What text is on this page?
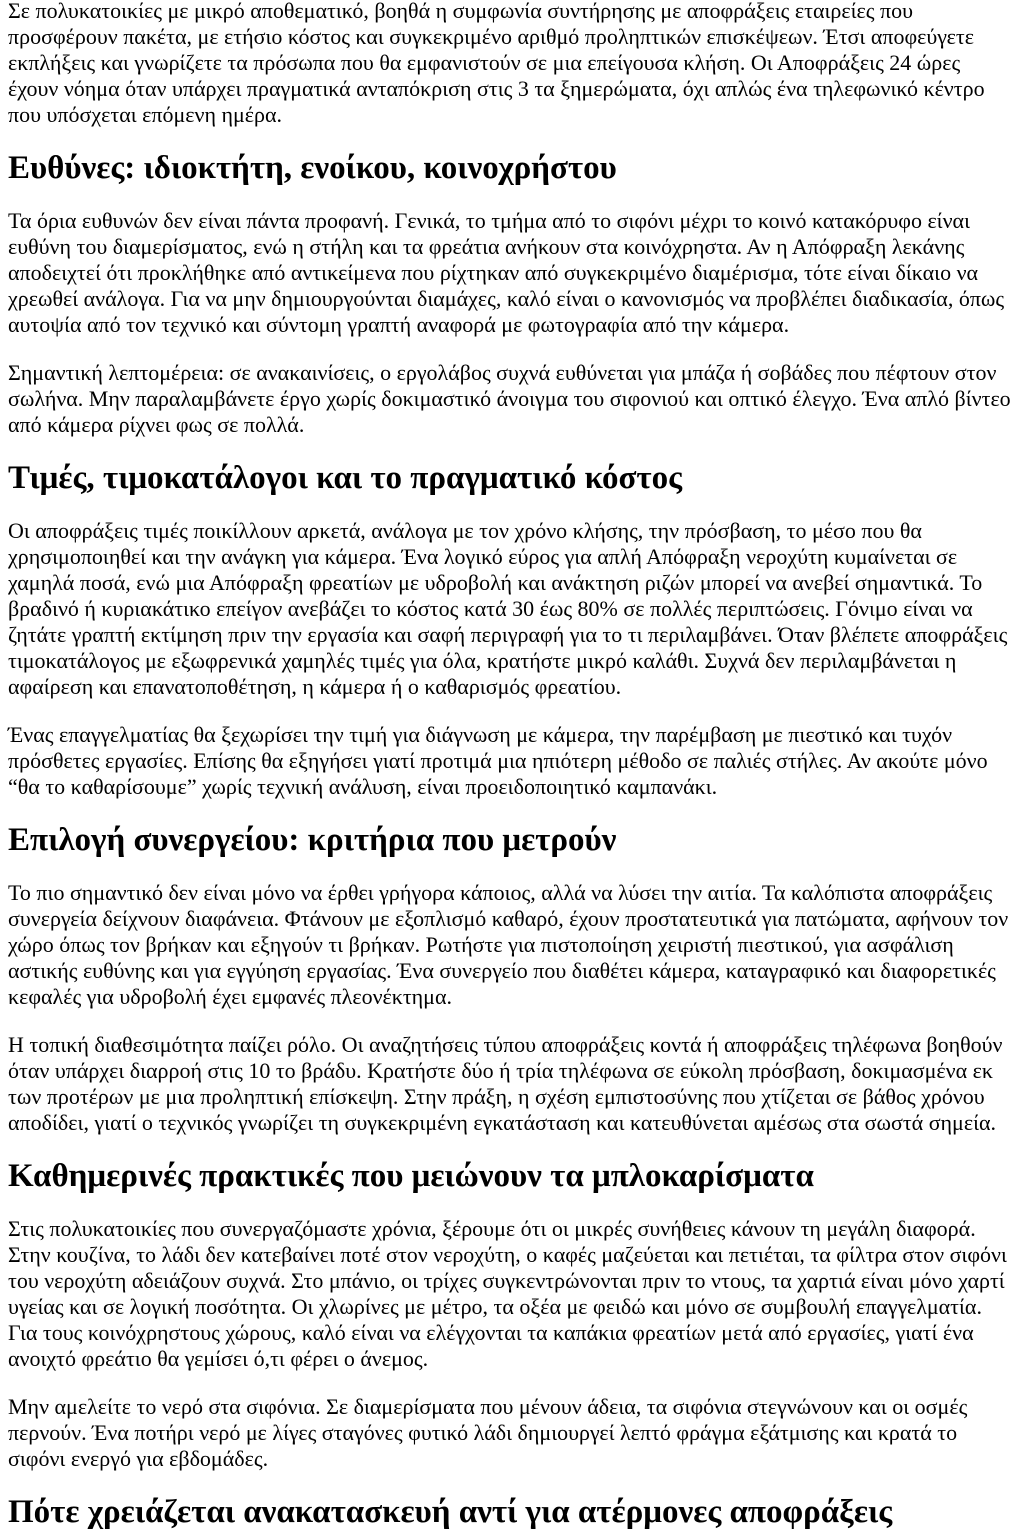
Σε πολυκατοικίες με μικρό αποθεματικό, βοηθά η συμφωνία συντήρησης με αποφράξεις εταιρείες που προσφέρουν πακέτα, με ετήσιο κόστος και συγκεκριμένο αριθμό προληπτικών επισκέψεων. Έτσι αποφεύγετε εκπλήξεις και γνωρίζετε τα πρόσωπα που θα εμφανιστούν σε μια επείγουσα κλήση. Οι Αποφράξεις 24 ώρες έχουν νόημα όταν υπάρχει πραγματικά ανταπόκριση στις 3 τα ξημερώματα, όχι απλώς ένα τηλεφωνικό κέντρο που υπόσχεται επόμενη ημέρα.

Ευθύνες: ιδιοκτήτη, ενοίκου, κοινοχρήστου

Τα όρια ευθυνών δεν είναι πάντα προφανή. Γενικά, το τμήμα από το σιφόνι μέχρι το κοινό κατακόρυφο είναι ευθύνη του διαμερίσματος, ενώ η στήλη και τα φρεάτια ανήκουν στα κοινόχρηστα. Αν η Απόφραξη λεκάνης αποδειχτεί ότι προκλήθηκε από αντικείμενα που ρίχτηκαν από συγκεκριμένο διαμέρισμα, τότε είναι δίκαιο να χρεωθεί ανάλογα. Για να μην δημιουργούνται διαμάχες, καλό είναι ο κανονισμός να προβλέπει διαδικασία, όπως αυτοψία από τον τεχνικό και σύντομη γραπτή αναφορά με φωτογραφία από την κάμερα.

Σημαντική λεπτομέρεια: σε ανακαινίσεις, ο εργολάβος συχνά ευθύνεται για μπάζα ή σοβάδες που πέφτουν στον σωλήνα. Μην παραλαμβάνετε έργο χωρίς δοκιμαστικό άνοιγμα του σιφονιού και οπτικό έλεγχο. Ένα απλό βίντεο από κάμερα ρίχνει φως σε πολλά.

Τιμές, τιμοκατάλογοι και το πραγματικό κόστος

Οι αποφράξεις τιμές ποικίλλουν αρκετά, ανάλογα με τον χρόνο κλήσης, την πρόσβαση, το μέσο που θα χρησιμοποιηθεί και την ανάγκη για κάμερα. Ένα λογικό εύρος για απλή Απόφραξη νεροχύτη κυμαίνεται σε χαμηλά ποσά, ενώ μια Απόφραξη φρεατίων με υδροβολή και ανάκτηση ριζών μπορεί να ανεβεί σημαντικά. Το βραδινό ή κυριακάτικο επείγον ανεβάζει το κόστος κατά 30 έως 80% σε πολλές περιπτώσεις. Γόνιμο είναι να ζητάτε γραπτή εκτίμηση πριν την εργασία και σαφή περιγραφή για το τι περιλαμβάνει. Όταν βλέπετε αποφράξεις τιμοκατάλογος με εξωφρενικά χαμηλές τιμές για όλα, κρατήστε μικρό καλάθι. Συχνά δεν περιλαμβάνεται η αφαίρεση και επανατοποθέτηση, η κάμερα ή ο καθαρισμός φρεατίου.

Ένας επαγγελματίας θα ξεχωρίσει την τιμή για διάγνωση με κάμερα, την παρέμβαση με πιεστικό και τυχόν πρόσθετες εργασίες. Επίσης θα εξηγήσει γιατί προτιμά μια ηπιότερη μέθοδο σε παλιές στήλες. Αν ακούτε μόνο “θα το καθαρίσουμε” χωρίς τεχνική ανάλυση, είναι προειδοποιητικό καμπανάκι.

Επιλογή συνεργείου: κριτήρια που μετρούν

Το πιο σημαντικό δεν είναι μόνο να έρθει γρήγορα κάποιος, αλλά να λύσει την αιτία. Τα καλόπιστα αποφράξεις συνεργεία δείχνουν διαφάνεια. Φτάνουν με εξοπλισμό καθαρό, έχουν προστατευτικά για πατώματα, αφήνουν τον χώρο όπως τον βρήκαν και εξηγούν τι βρήκαν. Ρωτήστε για πιστοποίηση χειριστή πιεστικού, για ασφάλιση αστικής ευθύνης και για εγγύηση εργασίας. Ένα συνεργείο που διαθέτει κάμερα, καταγραφικό και διαφορετικές κεφαλές για υδροβολή έχει εμφανές πλεονέκτημα.

Η τοπική διαθεσιμότητα παίζει ρόλο. Οι αναζητήσεις τύπου αποφράξεις κοντά ή αποφράξεις τηλέφωνα βοηθούν όταν υπάρχει διαρροή στις 10 το βράδυ. Κρατήστε δύο ή τρία τηλέφωνα σε εύκολη πρόσβαση, δοκιμασμένα εκ των προτέρων με μια προληπτική επίσκεψη. Στην πράξη, η σχέση εμπιστοσύνης που χτίζεται σε βάθος χρόνου αποδίδει, γιατί ο τεχνικός γνωρίζει τη συγκεκριμένη εγκατάσταση και κατευθύνεται αμέσως στα σωστά σημεία.

Καθημερινές πρακτικές που μειώνουν τα μπλοκαρίσματα

Στις πολυκατοικίες που συνεργαζόμαστε χρόνια, ξέρουμε ότι οι μικρές συνήθειες κάνουν τη μεγάλη διαφορά. Στην κουζίνα, το λάδι δεν κατεβαίνει ποτέ στον νεροχύτη, ο καφές μαζεύεται και πετιέται, τα φίλτρα στον σιφόνι του νεροχύτη αδειάζουν συχνά. Στο μπάνιο, οι τρίχες συγκεντρώνονται πριν το ντους, τα χαρτιά είναι μόνο χαρτί υγείας και σε λογική ποσότητα. Οι χλωρίνες με μέτρο, τα οξέα με φειδώ και μόνο σε συμβουλή επαγγελματία. Για τους κοινόχρηστους χώρους, καλό είναι να ελέγχονται τα καπάκια φρεατίων μετά από εργασίες, γιατί ένα ανοιχτό φρεάτιο θα γεμίσει ό,τι φέρει ο άνεμος.

Μην αμελείτε το νερό στα σιφόνια. Σε διαμερίσματα που μένουν άδεια, τα σιφόνια στεγνώνουν και οι οσμές περνούν. Ένα ποτήρι νερό με λίγες σταγόνες φυτικό λάδι δημιουργεί λεπτό φράγμα εξάτμισης και κρατά το σιφόνι ενεργό για εβδομάδες.

Πότε χρειάζεται ανακατασκευή αντί για ατέρμονες αποφράξεις
